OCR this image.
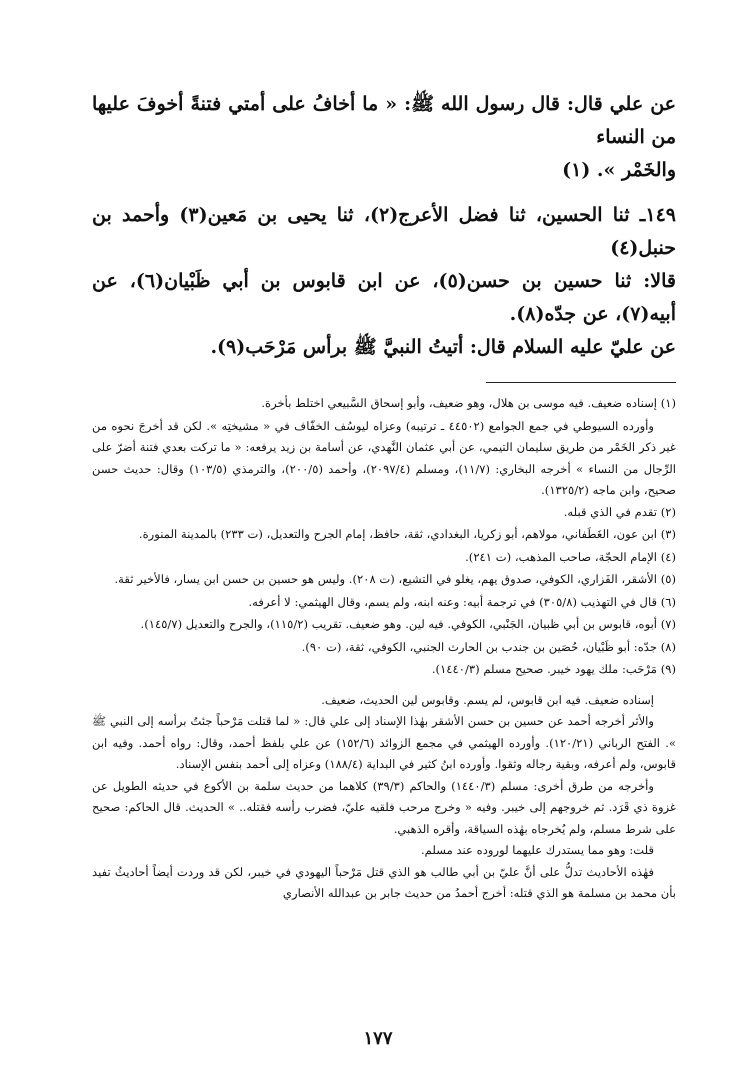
عن علي قال: قال رسول الله ﷺ: « ما أخافُ على أمتي فتنةً أخوفَ عليها من النساء
والخَمْر ». (١)
١٤٩ـ ثنا الحسين، ثنا فضل الأعرج(٢)، ثنا يحيى بن مَعين(٣) وأحمد بن حنبل(٤)
قالا: ثنا حسين بن حسن(٥)، عن ابن قابوس بن أبي ظَبْيان(٦)، عن أبيه(٧)، عن جدّه(٨).
عن عليّ عليه السلام قال: أتيتُ النبيَّ ﷺ برأس مَرْحَب(٩).

(١) إسناده ضعيف. فيه موسى بن هلال، وهو ضعيف، وأبو إسحاق السَّبيعي اختلط بأخرة.

وأورده السيوطي في جمع الجوامع (٤٤٥٠٢ ـ ترتيبه) وعزاه ليوسُف الخفّاف في « مشيختِه ». لكن قد أخرجَ نحوه من غير ذكر الخَمْر من طريق سليمان التيمي، عن أبي عثمان النَّهدي، عن أسامة بن زيد يرفعه: « ما تركت بعدي فتنة أضرّ على الرِّجال من النساء » أخرجه البخاري: (١١/٧)، ومسلم (٢٠٩٧/٤)، وأحمد (٢٠٠/٥)، والترمذي (١٠٣/٥) وقال: حديث حسن صحيح، وابن ماجه (١٣٢٥/٢).

(٢) تقدم في الذي قبله.

(٣) ابن عون، الغَطَفاني، مولاهم، أبو زكريا، البغدادي، ثقة، حافظ، إمام الجرح والتعديل، (ت ٢٣٣) بالمدينة المنورة.

(٤) الإمام الحجّة، صاحب المذهب، (ت ٢٤١).

(٥) الأشقر، الفَزاري، الكوفي، صدوق يهم، يغلو في التشيع، (ت ٢٠٨). وليس هو حسين بن حسن ابن يسار، فالأخير ثقة.

(٦) قال في التهذيب (٣٠٥/٨) في ترجمة أبيه: وعنه ابنه، ولم يسم، وقال الهيثمي: لا أعرفه.

(٧) أبوه، قابوس بن أبي ظبيان، الجَنْبي، الكوفي. فيه لين. وهو ضعيف. تقريب (١١٥/٢)، والجرح والتعديل (١٤٥/٧).

(٨) جدّه: أبو ظَبْيان، حُصَين بن جندب بن الحارث الجنبي، الكوفي، ثقة، (ت ٩٠).

(٩) مَرْحَب: ملك يهود خيبر. صحيح مسلم (١٤٤٠/٣).

إسناده ضعيف. فيه ابن قابوس، لم يسم. وقابوس لين الحديث، ضعيف.

والأثر أخرجه أحمد عن حسين بن حسن الأشقر بهٰذا الإسناد إلى علي قال: « لما قتلت مَرْحباً جئتُ برأسه إلى النبي ﷺ ». الفتح الرباني (١٢٠/٢١). وأورده الهيثمي في مجمع الزوائد (١٥٢/٦) عن علي بلفظ أحمد، وقال: رواه أحمد. وفيه ابن قابوس، ولم أعرفه، وبقية رجاله وثقوا. وأورده ابنُ كثير في البداية (١٨٨/٤) وعزاه إلى أحمد بنفس الإسناد.

وأخرجه من طرق أخرى: مسلم (١٤٤٠/٣) والحاكم (٣٩/٣) كلاهما من حديث سلمة بن الأكوع في حديثه الطويل عن غزوة ذي قَرَد. ثم خروجهم إلى خيبر. وفيه « وخرج مرحب فلقيه عليّ، فضرب رأسه فقتله.. » الحديث. قال الحاكم: صحيح على شرط مسلم، ولم يُخرجاه بهٰذه السياقة، وأقره الذهبي.

قلت: وهو مما يستدرك عليهما لوروده عند مسلم.

فهٰذه الأحاديث تدلُّ على أنَّ عليّ بن أبي طالب هو الذي قتل مَرْحباً اليهودي في خيبر، لكن قد وردت أيضاً أحاديثُ تفيد بأن محمد بن مسلمة هو الذي قتله: أخرج أحمدُ من حديث جابر بن عبدالله الأنصاري

١٧٧
